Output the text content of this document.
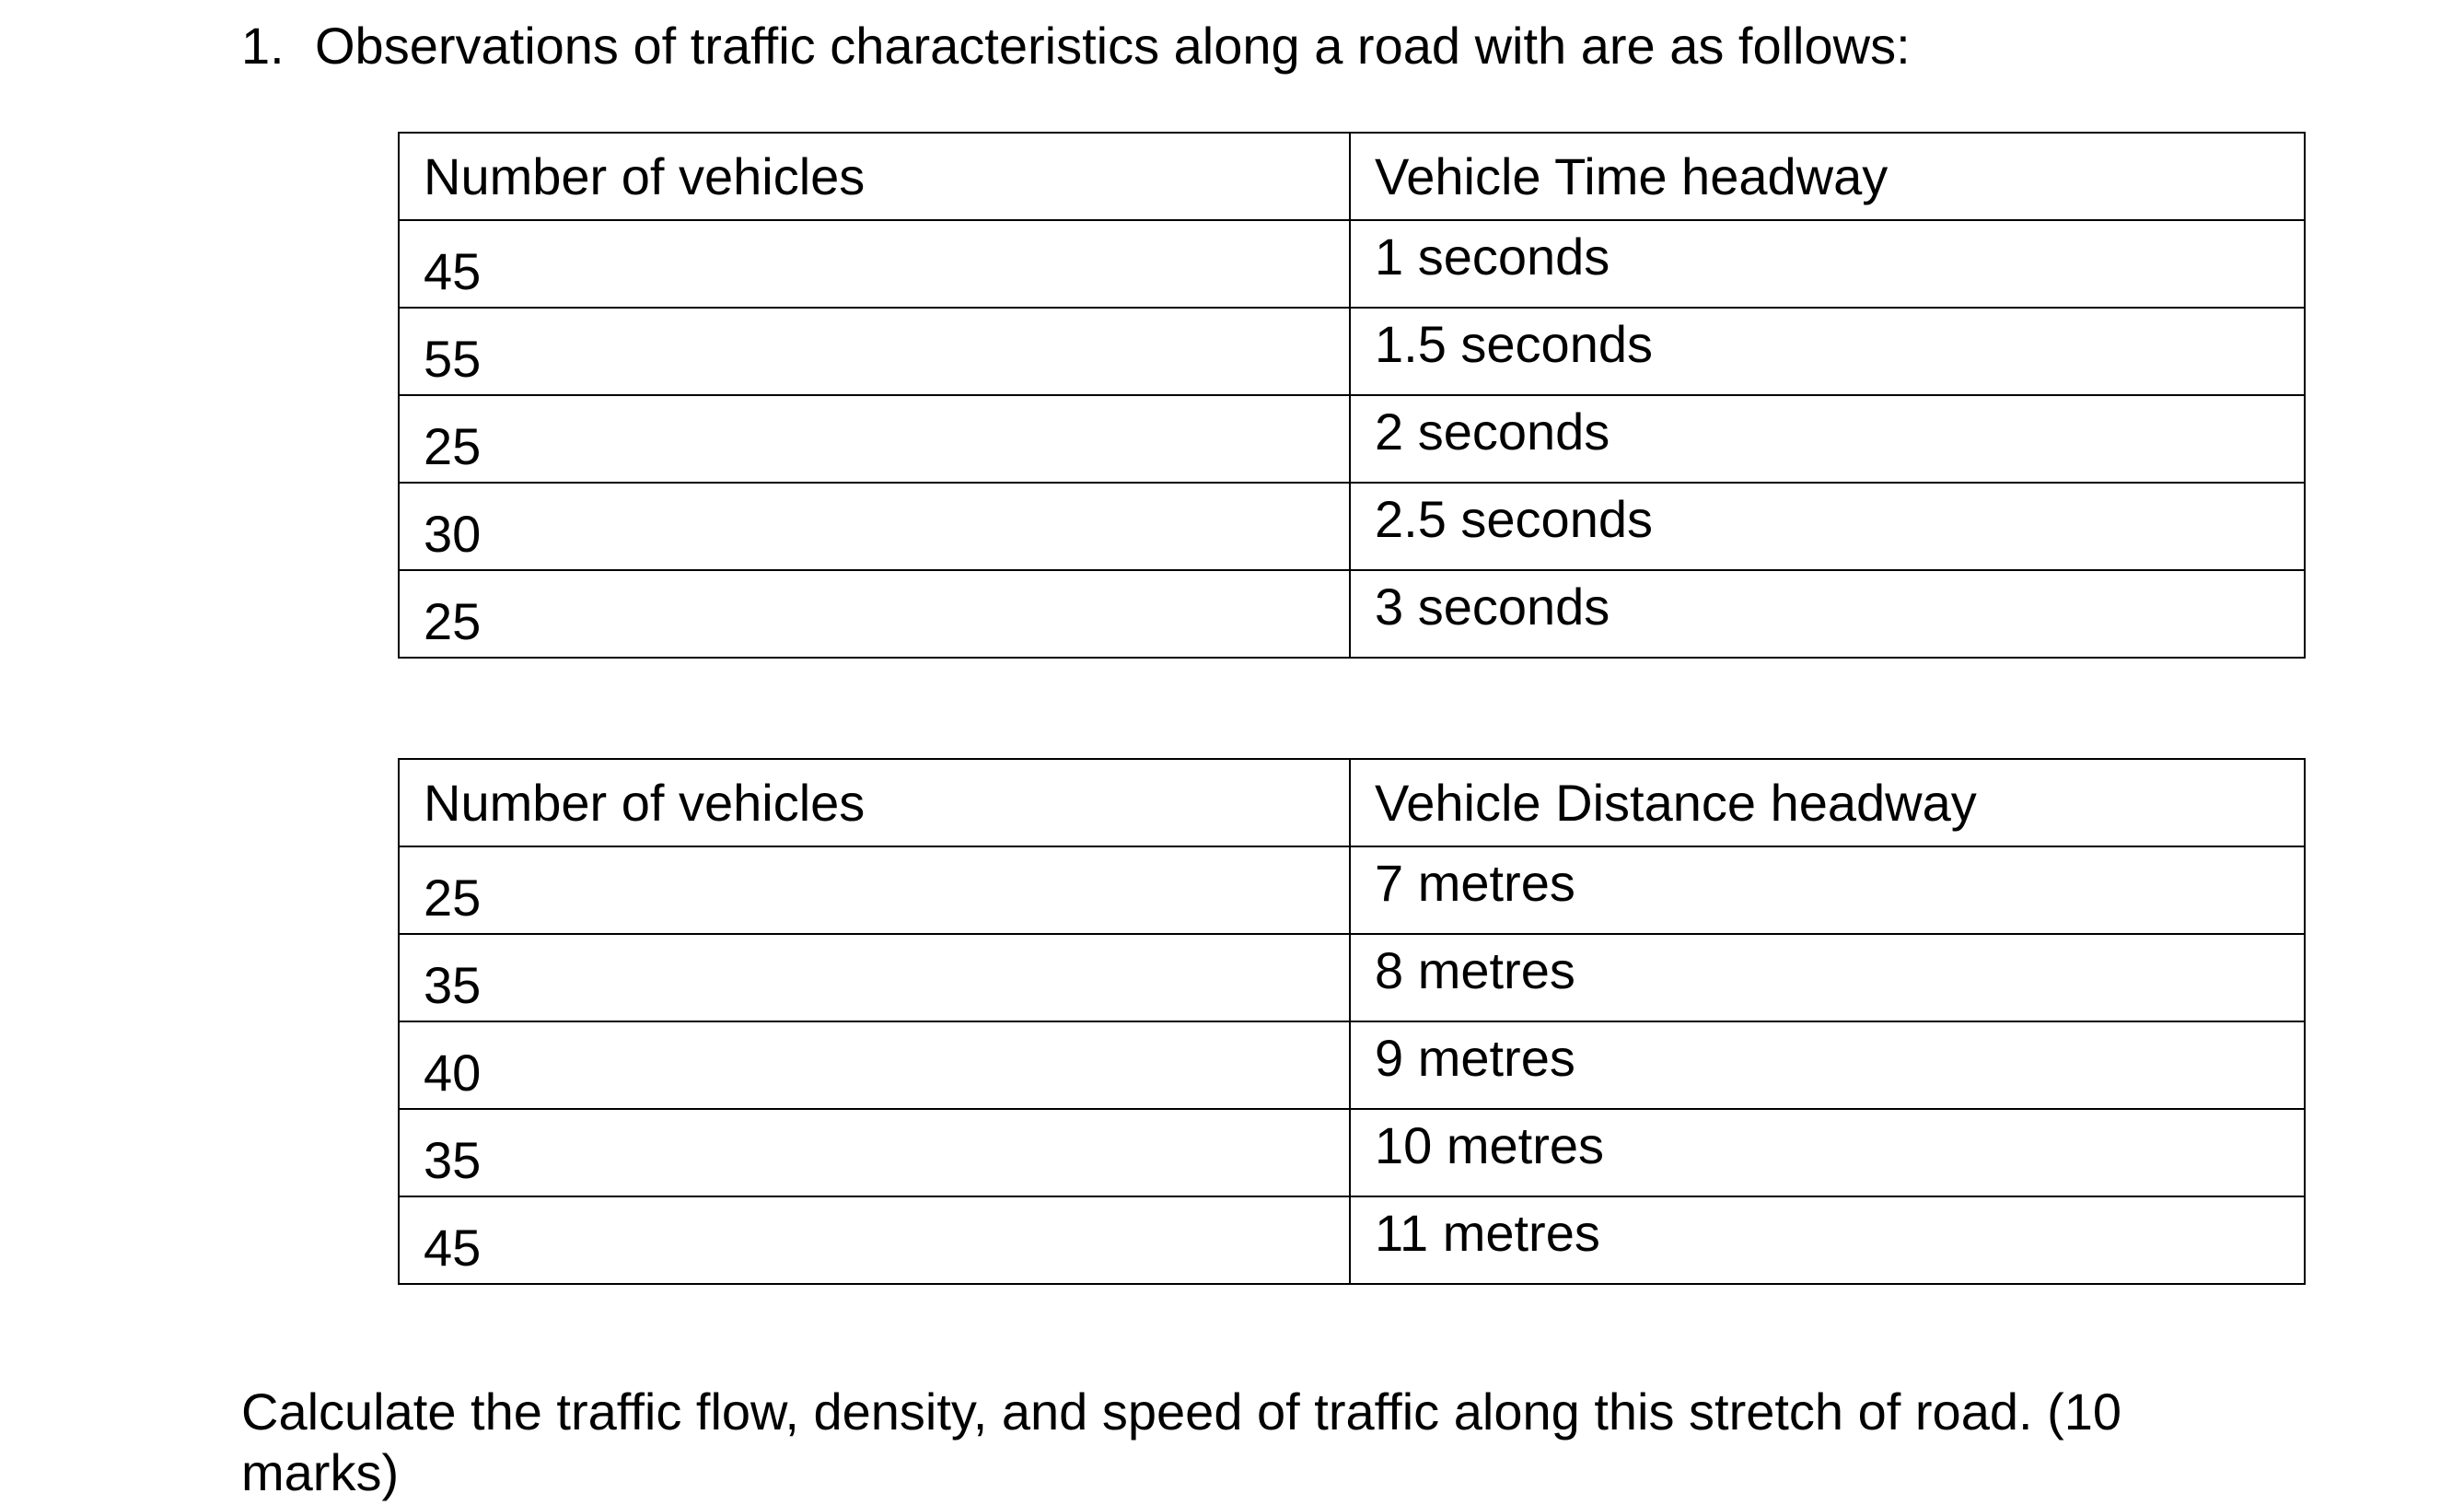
1. Observations of traffic characteristics along a road with are as follows:
Number of vehicles	Vehicle Time headway
45	1 seconds
55	1.5 seconds
25	2 seconds
30	2.5 seconds
25	3 seconds
Number of vehicles	Vehicle Distance headway
25	7 metres
35	8 metres
40	9 metres
35	10 metres
45	11 metres
Calculate the traffic flow, density, and speed of traffic along this stretch of road. (10 marks)
